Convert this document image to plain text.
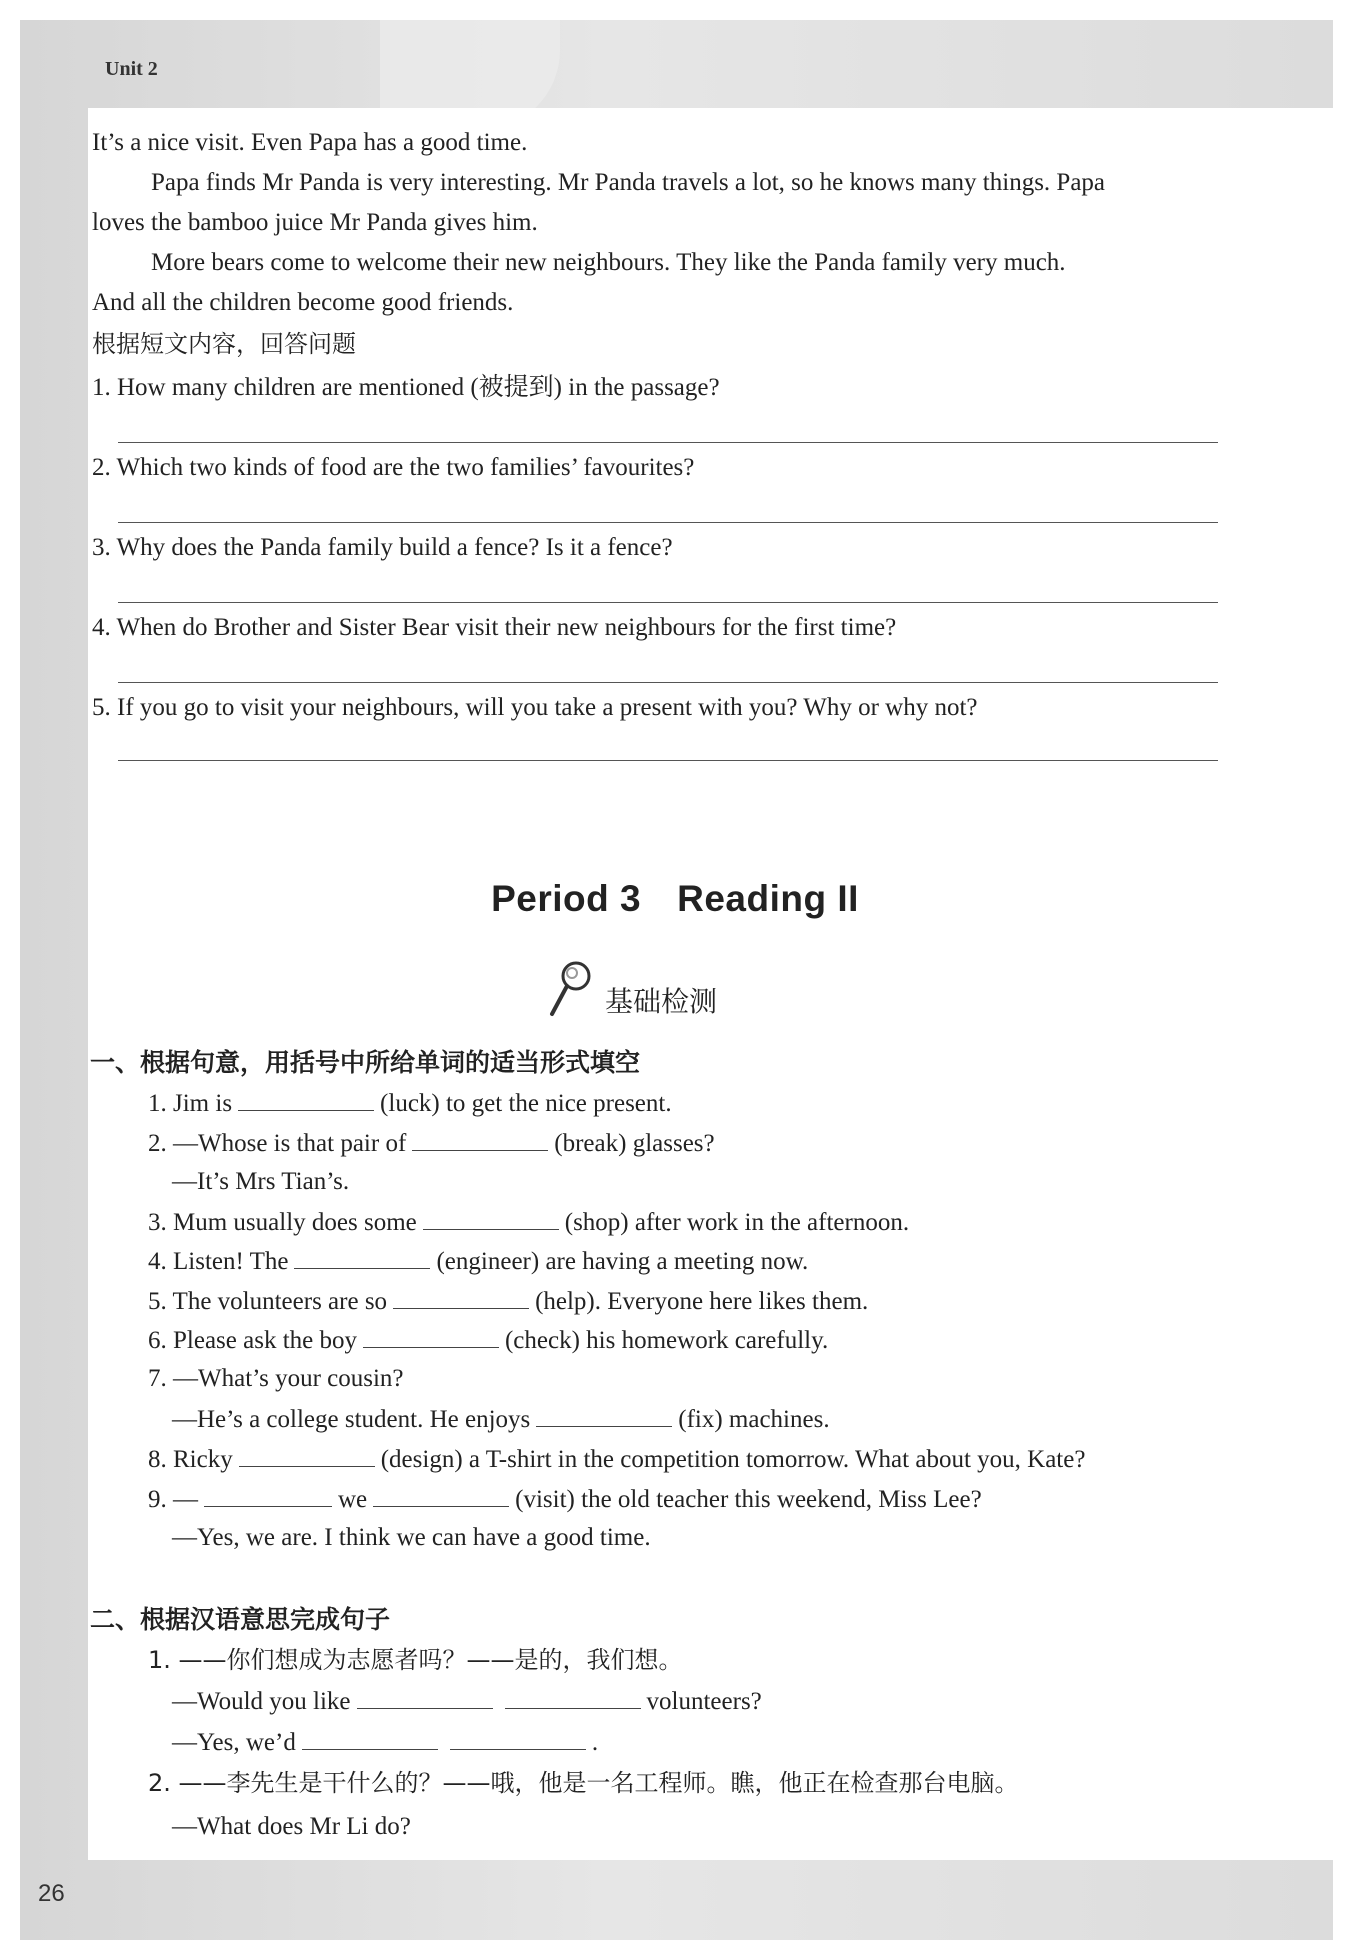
Unit 2
26
It’s a nice visit. Even Papa has a good time.
Papa finds Mr Panda is very interesting. Mr Panda travels a lot, so he knows many things. Papa
loves the bamboo juice Mr Panda gives him.
More bears come to welcome their new neighbours. They like the Panda family very much.
And all the children become good friends.
根据短文内容，回答问题
1. How many children are mentioned (被提到) in the passage?
2. Which two kinds of food are the two families’ favourites?
3. Why does the Panda family build a fence? Is it a fence?
4. When do Brother and Sister Bear visit their new neighbours for the first time?
5. If you go to visit your neighbours, will you take a present with you? Why or why not?
Period 3 Reading II
基础检测
一、根据句意，用括号中所给单词的适当形式填空
1. Jim is	(luck) to get the nice present.
2. —Whose is that pair of	(break) glasses?
—It’s Mrs Tian’s.
3. Mum usually does some	(shop) after work in the afternoon.
4. Listen! The	(engineer) are having a meeting now.
5. The volunteers are so	(help). Everyone here likes them.
6. Please ask the boy	(check) his homework carefully.
7. —What’s your cousin?
—He’s a college student. He enjoys	(fix) machines.
8. Ricky	(design) a T-shirt in the competition tomorrow. What about you, Kate?
9. —	we	(visit) the old teacher this weekend, Miss Lee?
—Yes, we are. I think we can have a good time.
二、根据汉语意思完成句子
1. ——你们想成为志愿者吗？——是的，我们想。
—Would you like	volunteers?
—Yes, we’d	.
2. ——李先生是干什么的？——哦，他是一名工程师。瞧，他正在检查那台电脑。
—What does Mr Li do?
